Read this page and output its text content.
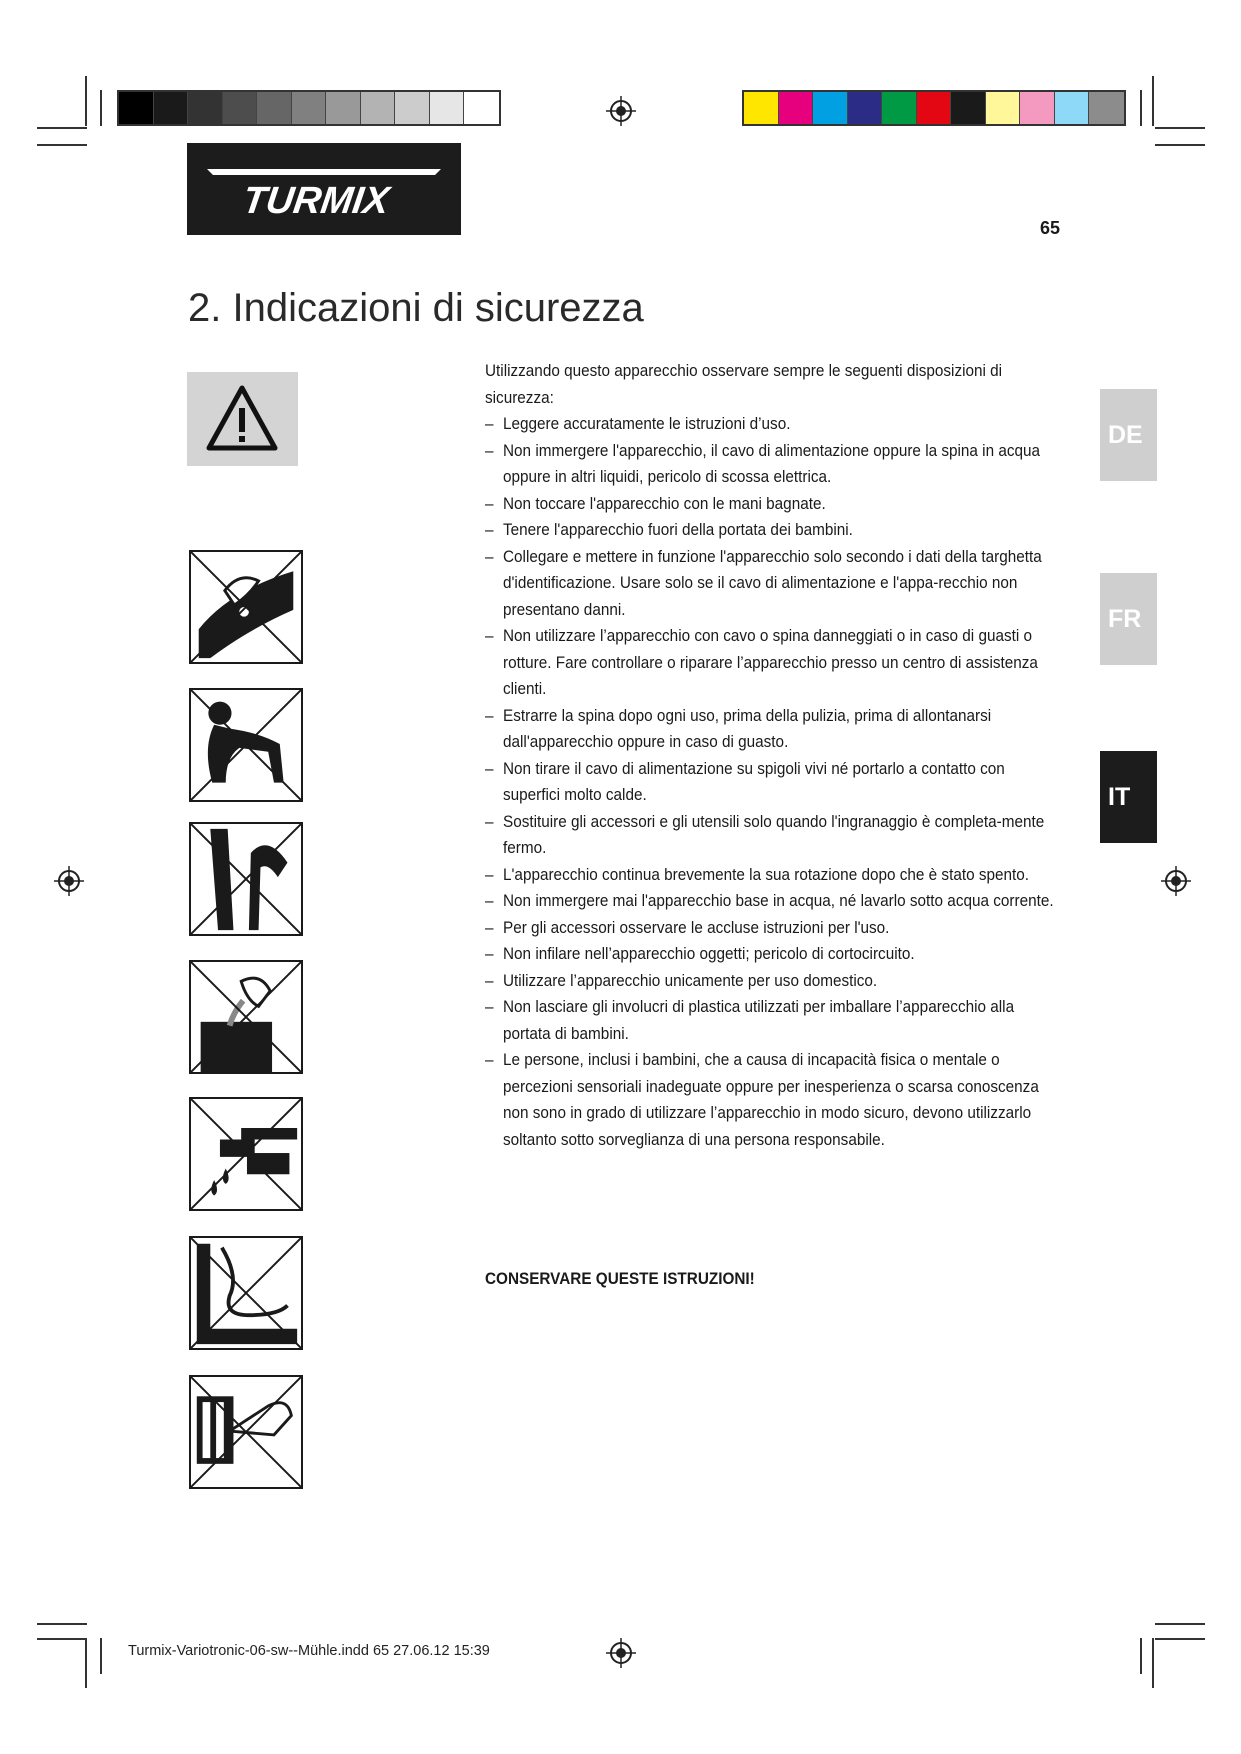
TURMIX
65
2. Indicazioni di sicurezza

Utilizzando questo apparecchio osservare sempre le seguenti disposizioni di sicurezza:

– Leggere accuratamente le istruzioni d’uso.
– Non immergere l'apparecchio, il cavo di alimentazione oppure la spina in acqua oppure in altri liquidi, pericolo di scossa elettrica.
– Non toccare l'apparecchio con le mani bagnate.
– Tenere l'apparecchio fuori della portata dei bambini.
– Collegare e mettere in funzione l'apparecchio solo secondo i dati della targhetta d'identificazione. Usare solo se il cavo di alimentazione e l'appa-recchio non presentano danni.
– Non utilizzare l’apparecchio con cavo o spina danneggiati o in caso di guasti o rotture. Fare controllare o riparare l’apparecchio presso un centro di assistenza clienti.
– Estrarre la spina dopo ogni uso, prima della pulizia, prima di allontanarsi dall'apparecchio oppure in caso di guasto.
– Non tirare il cavo di alimentazione su spigoli vivi né portarlo a contatto con superfici molto calde.
– Sostituire gli accessori e gli utensili solo quando l'ingranaggio è completa-mente fermo.
– L'apparecchio continua brevemente la sua rotazione dopo che è stato spento.
– Non immergere mai l'apparecchio base in acqua, né lavarlo sotto acqua corrente.
– Per gli accessori osservare le accluse istruzioni per l'uso.
– Non infilare nell’apparecchio oggetti; pericolo di cortocircuito.
– Utilizzare l’apparecchio unicamente per uso domestico.
– Non lasciare gli involucri di plastica utilizzati per imballare l’apparecchio alla portata di bambini.
– Le persone, inclusi i bambini, che a causa di incapacità fisica o mentale o percezioni sensoriali inadeguate oppure per inesperienza o scarsa conoscenza non sono in grado di utilizzare l’apparecchio in modo sicuro, devono utilizzarlo soltanto sotto sorveglianza di una persona responsabile.
CONSERVARE QUESTE ISTRUZIONI!
DE
FR
IT
Turmix-Variotronic-06-sw--Mühle.indd 65 27.06.12 15:39
